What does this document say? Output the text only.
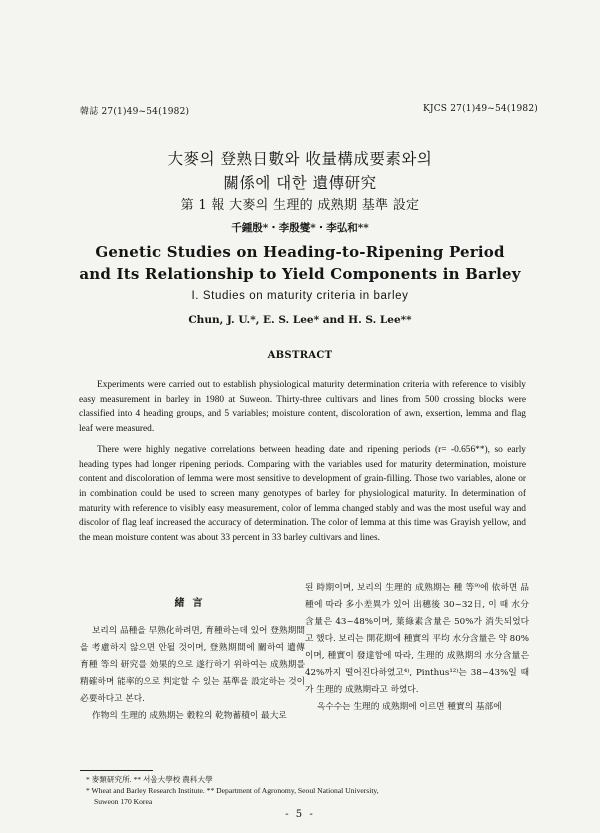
韓誌 27(1)49~54(1982)	KJCS 27(1)49~54(1982)
大麥의 登熟日數와 收量構成要素와의
關係에 대한 遺傳研究
第 1 報 大麥의 生理的 成熟期 基準 設定
千鍾殷*・李殷燮*・李弘和**
Genetic Studies on Heading-to-Ripening Period
and Its Relationship to Yield Components in Barley
I. Studies on maturity criteria in barley
Chun, J. U.*, E. S. Lee* and H. S. Lee**
ABSTRACT

Experiments were carried out to establish physiological maturity determination criteria with reference to visibly easy measurement in barley in 1980 at Suweon. Thirty-three cultivars and lines from 500 crossing blocks were classified into 4 heading groups, and 5 variables; moisture content, discoloration of awn, exsertion, lemma and flag leaf were measured.

There were highly negative correlations between heading date and ripening periods (r= -0.656**), so early heading types had longer ripening periods. Comparing with the variables used for maturity determination, moisture content and discoloration of lemma were most sensitive to development of grain-filling. Those two variables, alone or in combination could be used to screen many genotypes of barley for physiological maturity. In determination of maturity with reference to visibly easy measurement, color of lemma changed stably and was the most useful way and discolor of flag leaf increased the accuracy of determination. The color of lemma at this time was Grayish yellow, and the mean moisture content was about 33 percent in 33 barley cultivars and lines.

緒言

보리의 品種을 早熟化하려면, 育種하는데 있어 登熟期間을 考慮하지 않으면 안될 것이며, 登熟期間에 關하여 遺傳育種 等의 研究를 効果的으로 遂行하기 위하여는 成熟期를 精確하며 能率的으로 判定할 수 있는 基準을 設定하는 것이 必要하다고 본다.

作物의 生理的 成熟期는 穀粒의 乾物蓄積이 最大로

된 時期이며, 보리의 生理的 成熟期는 種 等⁹⁾에 依하면 品種에 따라 多小差異가 있어 出穗後 30~32日, 이 때 水分含量은 43~48%이며, 葉綠素含量은 50%가 消失되었다고 했다. 보리는 開花期에 種實의 平均 水分含量은 약 80%이며, 種實이 發達함에 따라, 生理的 成熟期의 水分含量은 42%까지 떨어진다하였고⁴⁾, Pinthus¹²⁾는 38~43%일 때가 生理的 成熟期라고 하였다.

옥수수는 生理的 成熟期에 이르면 種實의 基部에

* 麥類研究所. ** 서울大學校 農科大學
* Wheat and Barley Research Institute. ** Department of Agronomy, Seoul National University,
Suweon 170 Korea
- 5 -
